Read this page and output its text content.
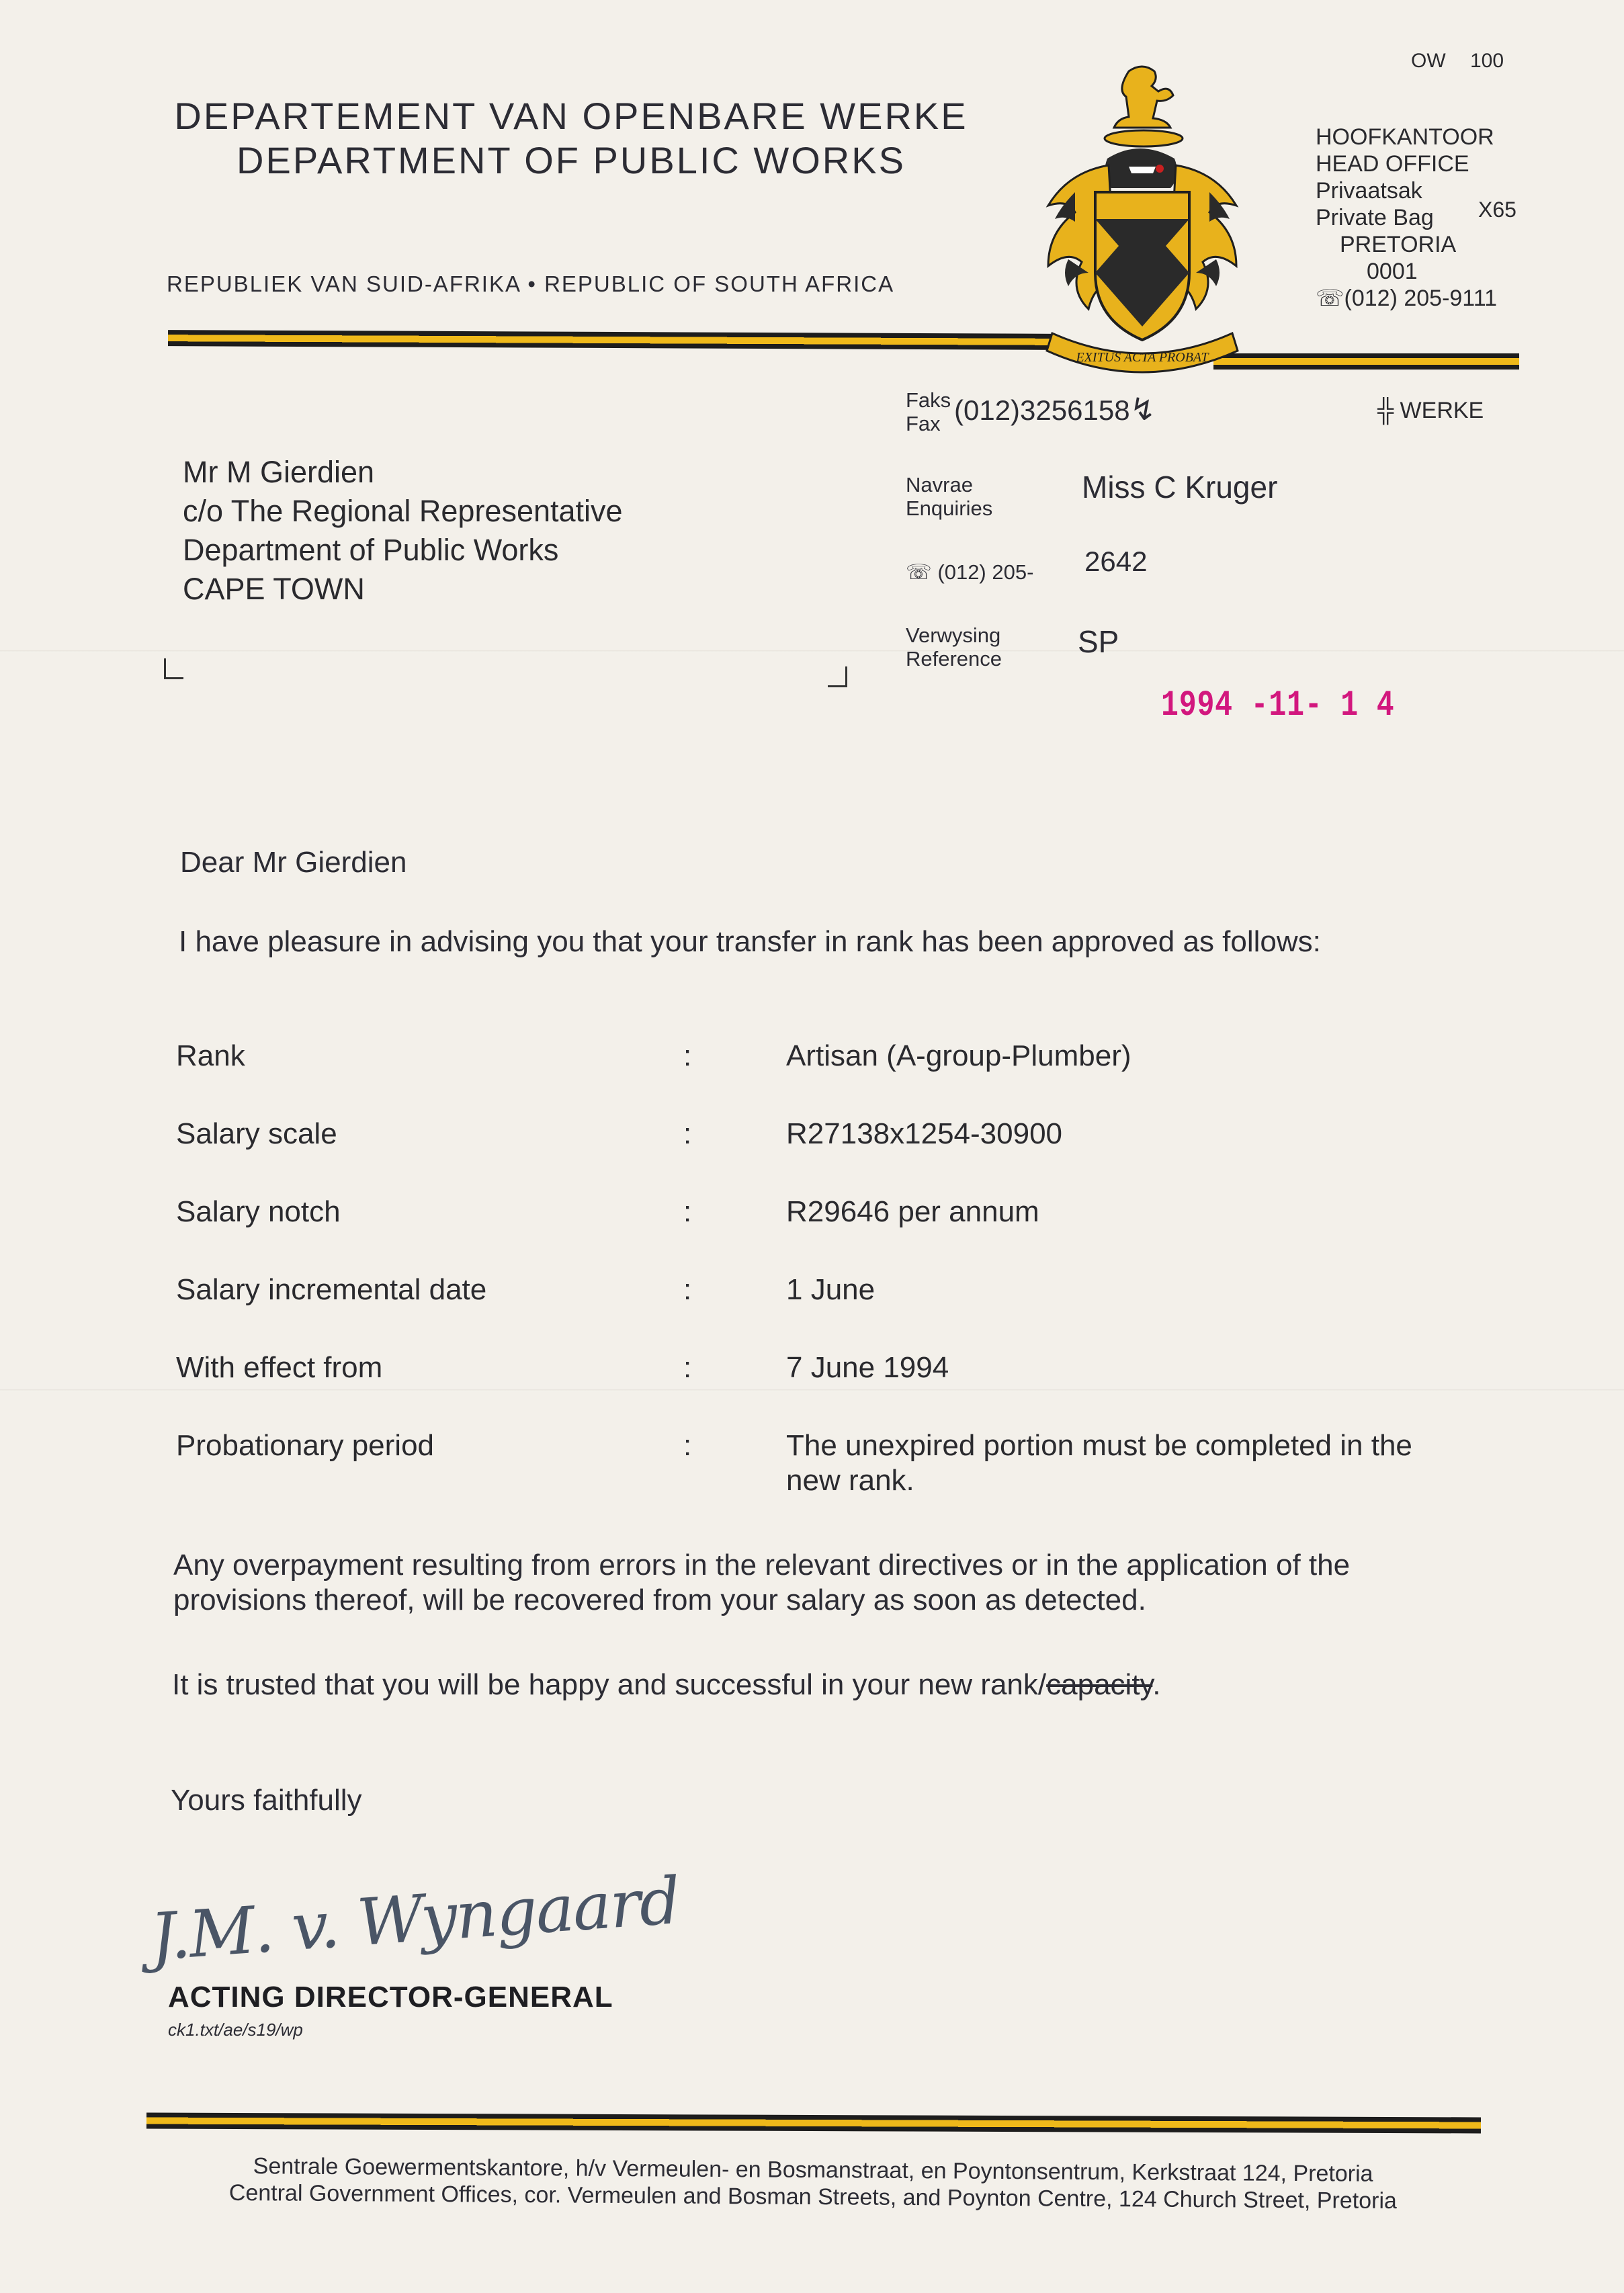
OW 100
DEPARTEMENT VAN OPENBARE WERKE
DEPARTMENT OF PUBLIC WORKS
REPUBLIEK VAN SUID-AFRIKA • REPUBLIC OF SOUTH AFRICA
EXITUS ACTA PROBAT
HOOFKANTOOR
HEAD OFFICE
Privaatsak
Private Bag
PRETORIA
0001
☏(012) 205-9111
X65
Faks
Fax (012)3256158↯	╬ WERKE
Navrae
Enquiries
Miss C Kruger
☏ (012) 205- 2642
Verwysing
Reference SP
Mr M Gierdien
c/o The Regional Representative
Department of Public Works
CAPE TOWN
1994 -11- 1 4
Dear Mr Gierdien
I have pleasure in advising you that your transfer in rank has been approved as follows:
Rank	:	Artisan (A-group-Plumber)
Salary scale	:	R27138x1254-30900
Salary notch	:	R29646 per annum
Salary incremental date	:	1 June
With effect from	:	7 June 1994
Probationary period	:	The unexpired portion must be completed in the new rank.
Any overpayment resulting from errors in the relevant directives or in the application of the provisions thereof, will be recovered from your salary as soon as detected.
It is trusted that you will be happy and successful in your new rank/capacity.
Yours faithfully
J.M. v. Wyngaard
ACTING DIRECTOR-GENERAL
ck1.txt/ae/s19/wp
Sentrale Goewermentskantore, h/v Vermeulen- en Bosmanstraat, en Poyntonsentrum, Kerkstraat 124, Pretoria
Central Government Offices, cor. Vermeulen and Bosman Streets, and Poynton Centre, 124 Church Street, Pretoria
